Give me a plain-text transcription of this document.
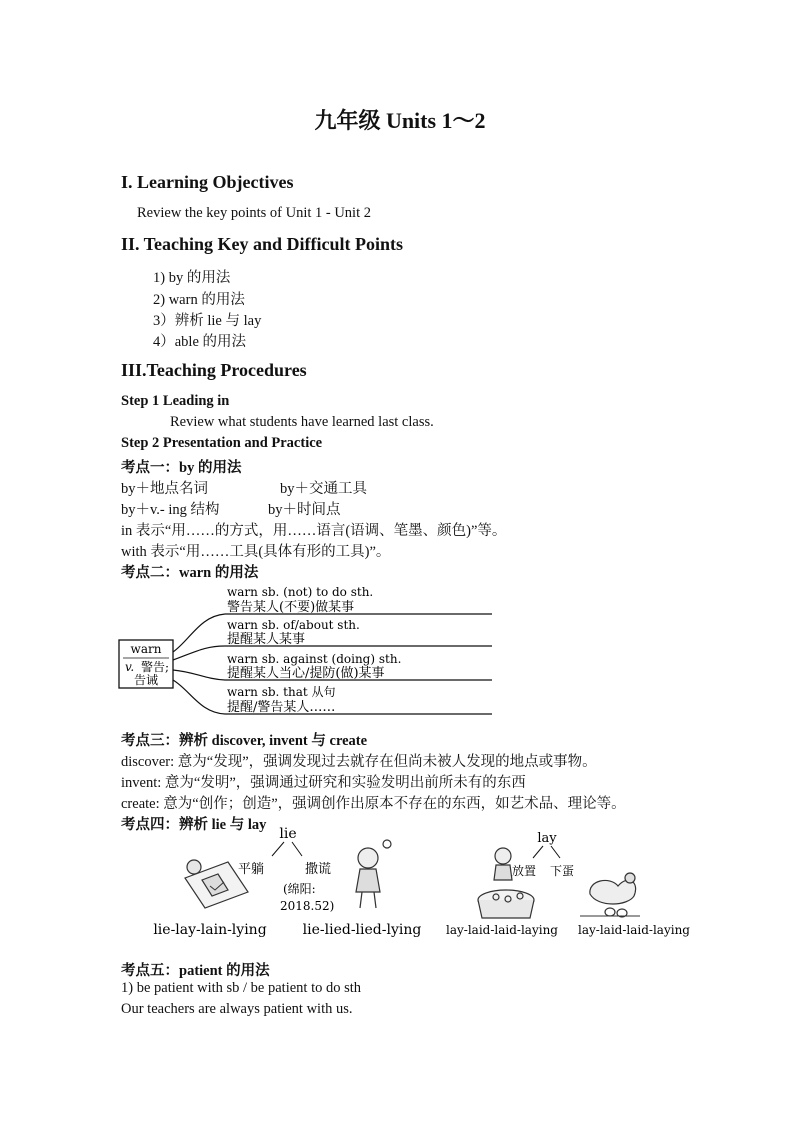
九年级 Units 1～2
I. Learning Objectives
Review the key points of Unit 1 - Unit 2
II. Teaching Key and Difficult Points
1) by 的用法
2) warn 的用法
3）辨析 lie 与 lay
4）able 的用法
III.Teaching Procedures
Step 1 Leading in
Review what students have learned last class.
Step 2 Presentation and Practice
考点一：by 的用法
by＋地点名词	by＋交通工具
by＋v.- ing 结构	by＋时间点
in 表示“用……的方式，用……语言(语调、笔墨、颜色)”等。
with 表示“用……工具(具体有形的工具)”。
考点二：warn 的用法
warn
v. 警告;
告诫
warn sb. (not) to do sth.
警告某人(不要)做某事
warn sb. of/about sth.
提醒某人某事
warn sb. against (doing) sth.
提醒某人当心/提防(做)某事
warn sb. that 从句
提醒/警告某人……
考点三：辨析 discover, invent 与 create
discover: 意为“发现”，强调发现过去就存在但尚未被人发现的地点或事物。
invent: 意为“发明”，强调通过研究和实验发明出前所未有的东西
create: 意为“创作；创造”，强调创作出原本不存在的东西，如艺术品、理论等。
考点四：辨析 lie 与 lay
lie
平躺	撒谎
(绵阳:
2018.52)
lay
放置 下蛋
lie-lay-lain-lying	lie-lied-lied-lying lay-laid-laid-laying lay-laid-laid-laying
考点五：patient 的用法
1) be patient with sb / be patient to do sth
Our teachers are always patient with us.
